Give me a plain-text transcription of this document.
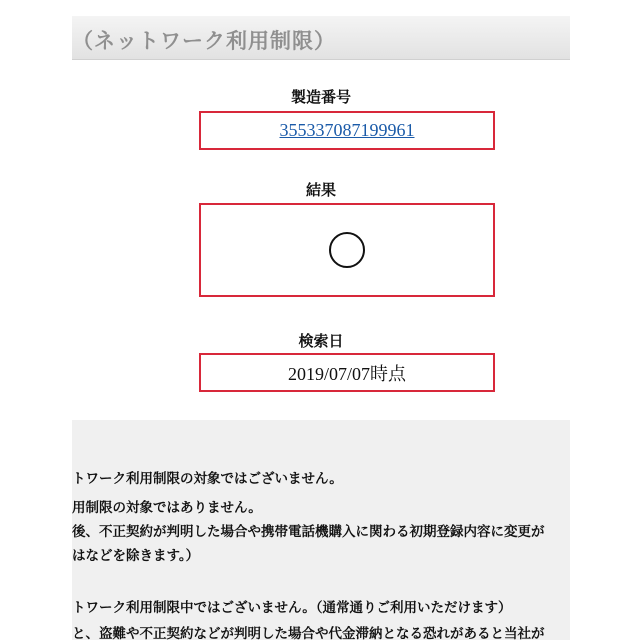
（ネットワーク利用制限）
製造番号
355337087199961
結果
検索日
2019/07/07時点
トワーク利用制限の対象ではございません。
用制限の対象ではありません。
後、不正契約が判明した場合や携帯電話機購入に関わる初期登録内容に変更が
はなどを除きます。）
トワーク利用制限中ではございません。（通常通りご利用いただけます）
と、盗難や不正契約などが判明した場合や代金滞納となる恐れがあると当社が
